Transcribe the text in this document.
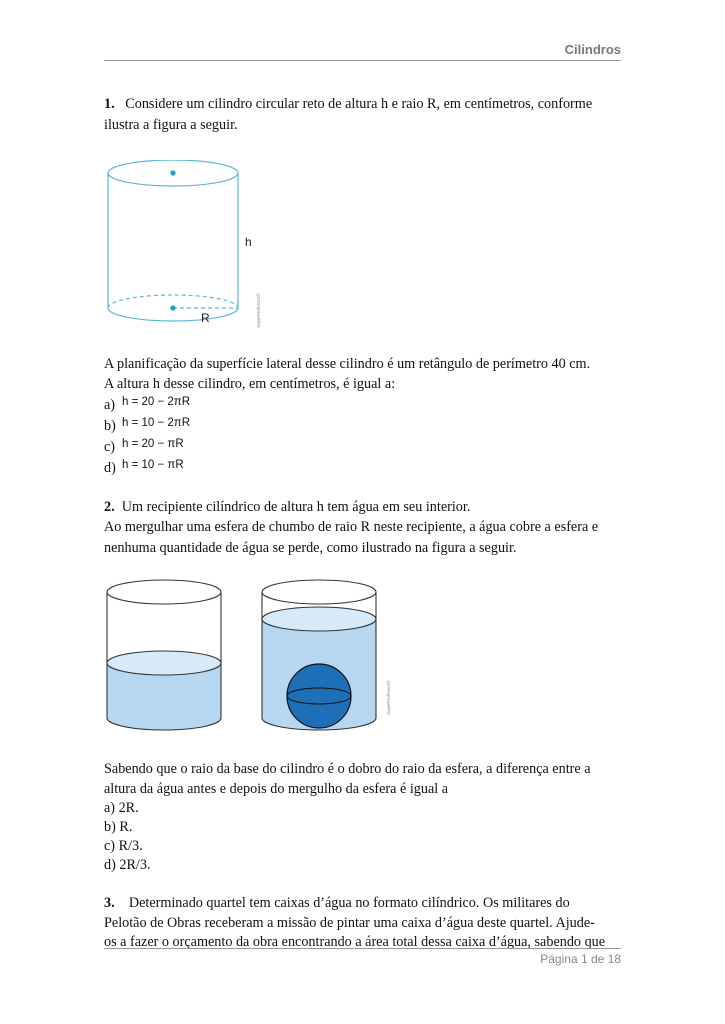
Cilindros
1. Considere um cilindro circular reto de altura h e raio R, em centímetros, conforme
ilustra a figura a seguir.
h
R	SuperProfessor®
A planificação da superfície lateral desse cilindro é um retângulo de perímetro 40 cm.
A altura h desse cilindro, em centímetros, é igual a:
a) $^{h = 20 - 2\pi R}$
b) $^{h = 10 - 2\pi R}$
c) $^{h = 20 - \pi R}$
d) $^{h = 10 - \pi R}$
2. Um recipiente cilíndrico de altura h tem água em seu interior.
Ao mergulhar uma esfera de chumbo de raio R neste recipiente, a água cobre a esfera e
nenhuma quantidade de água se perde, como ilustrado na figura a seguir.
SuperProfessor®
Sabendo que o raio da base do cilindro é o dobro do raio da esfera, a diferença entre a
altura da água antes e depois do mergulho da esfera é igual a
a) 2R.
b) R.
c) R/3.
d) 2R/3.
3. Determinado quartel tem caixas d’água no formato cilíndrico. Os militares do
Pelotão de Obras receberam a missão de pintar uma caixa d’água deste quartel. Ajude-
os a fazer o orçamento da obra encontrando a área total dessa caixa d’água, sabendo que
Página 1 de 18
